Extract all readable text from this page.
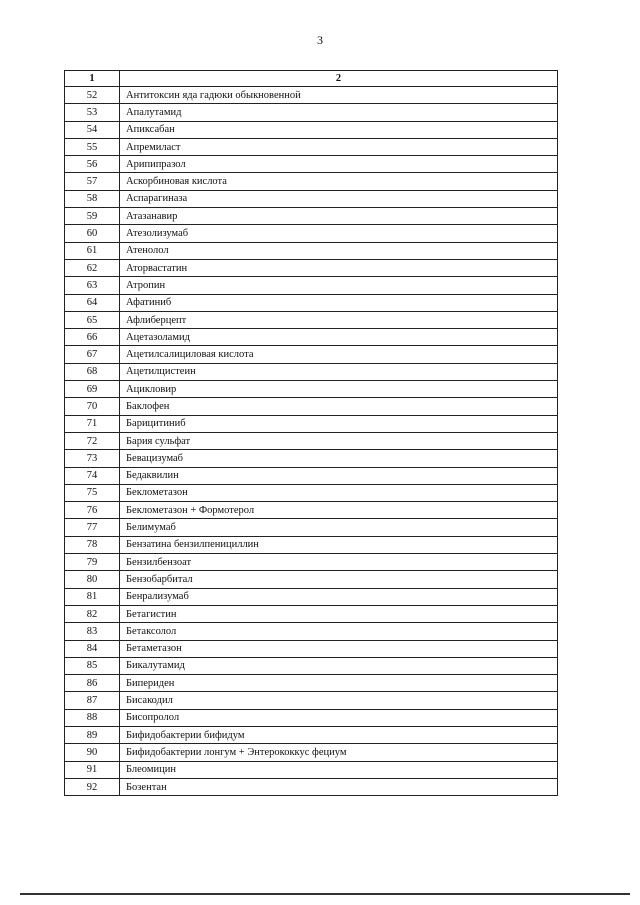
3
1	2
52	Антитоксин яда гадюки обыкновенной
53	Апалутамид
54	Апиксабан
55	Апремиласт
56	Арипипразол
57	Аскорбиновая кислота
58	Аспарагиназа
59	Атазанавир
60	Атезолизумаб
61	Атенолол
62	Аторвастатин
63	Атропин
64	Афатиниб
65	Афлиберцепт
66	Ацетазоламид
67	Ацетилсалициловая кислота
68	Ацетилцистеин
69	Ацикловир
70	Баклофен
71	Барицитиниб
72	Бария сульфат
73	Бевацизумаб
74	Бедаквилин
75	Беклометазон
76	Беклометазон + Формотерол
77	Белимумаб
78	Бензатина бензилпенициллин
79	Бензилбензоат
80	Бензобарбитал
81	Бенрализумаб
82	Бетагистин
83	Бетаксолол
84	Бетаметазон
85	Бикалутамид
86	Бипериден
87	Бисакодил
88	Бисопролол
89	Бифидобактерии бифидум
90	Бифидобактерии лонгум + Энтерококкус фециум
91	Блеомицин
92	Бозентан
